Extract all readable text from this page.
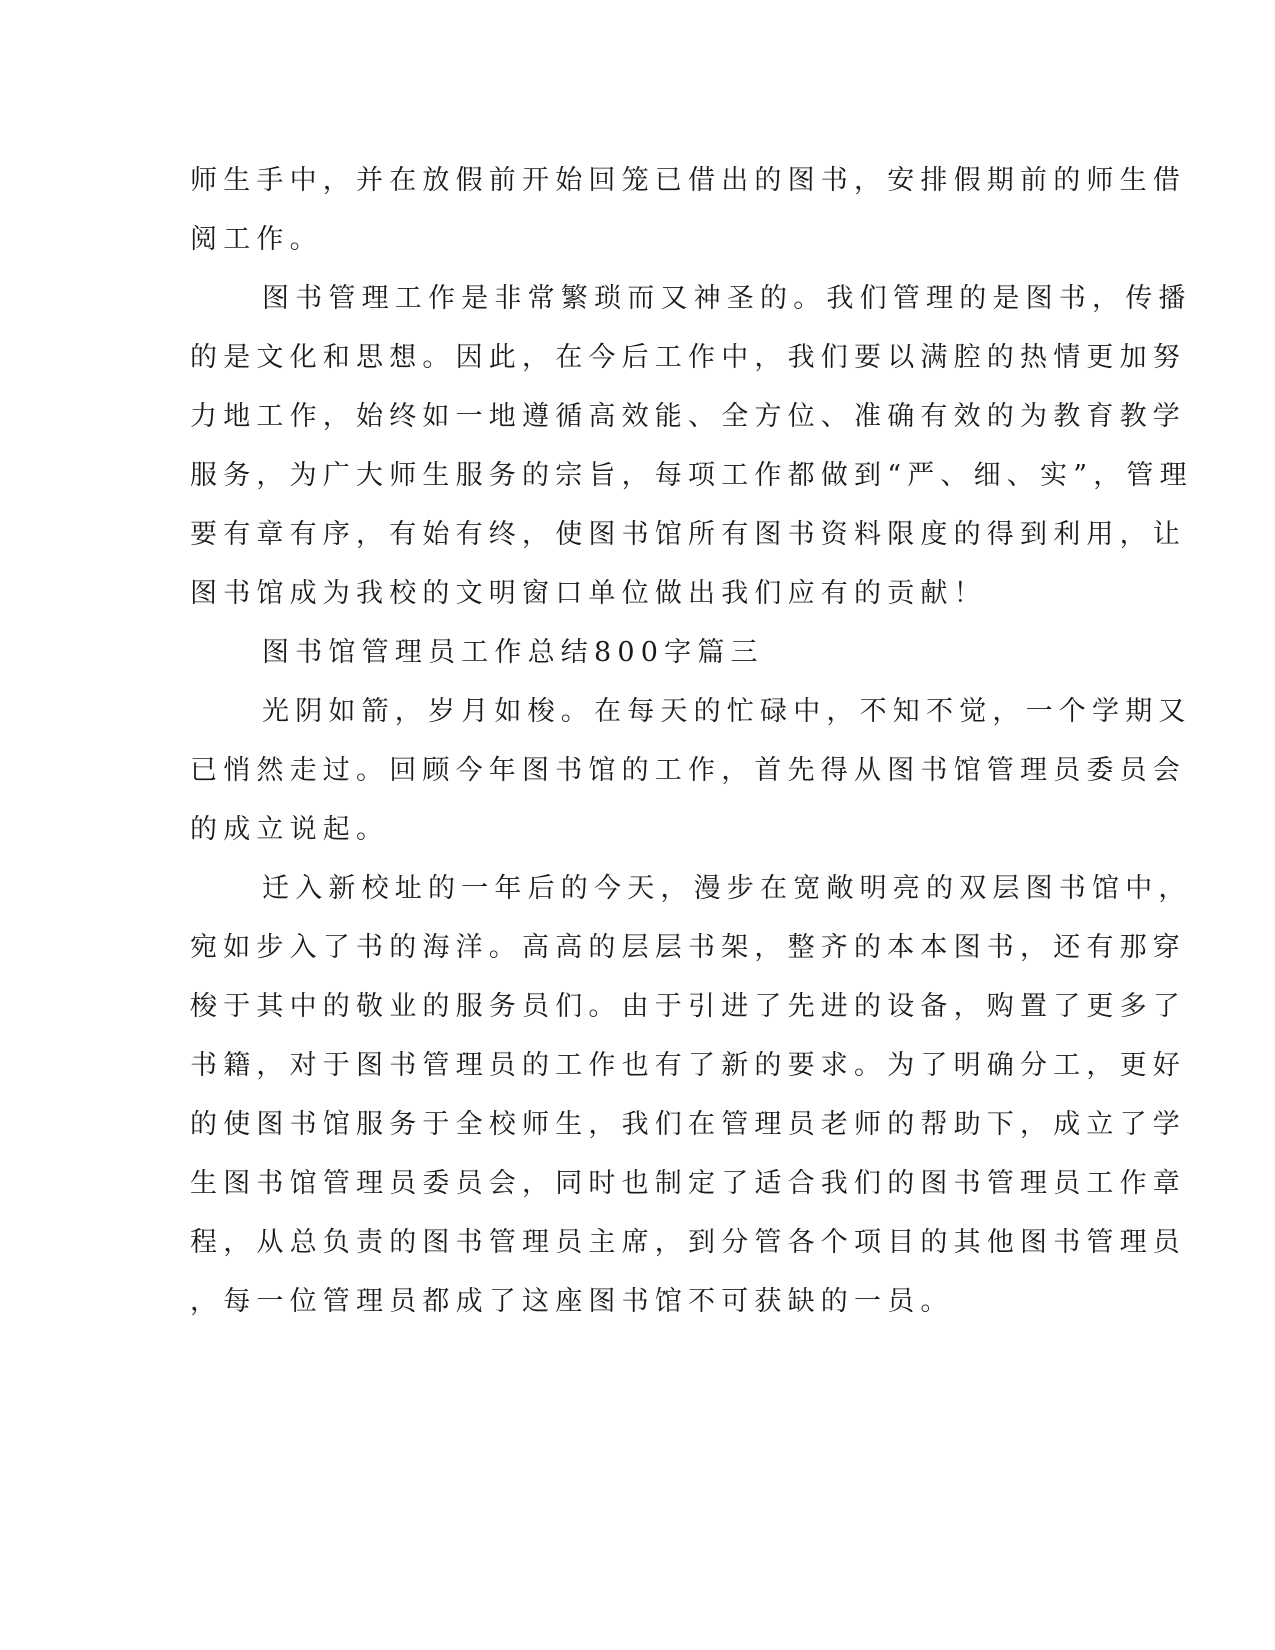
师生手中，并在放假前开始回笼已借出的图书，安排假期前的师生借
阅工作。
图书管理工作是非常繁琐而又神圣的。我们管理的是图书，传播
的是文化和思想。因此，在今后工作中，我们要以满腔的热情更加努
力地工作，始终如一地遵循高效能、全方位、准确有效的为教育教学
服务，为广大师生服务的宗旨，每项工作都做到“严、细、实”，管理
要有章有序，有始有终，使图书馆所有图书资料限度的得到利用，让
图书馆成为我校的文明窗口单位做出我们应有的贡献！
图书馆管理员工作总结800字篇三
光阴如箭，岁月如梭。在每天的忙碌中，不知不觉，一个学期又
已悄然走过。回顾今年图书馆的工作，首先得从图书馆管理员委员会
的成立说起。
迁入新校址的一年后的今天，漫步在宽敞明亮的双层图书馆中，
宛如步入了书的海洋。高高的层层书架，整齐的本本图书，还有那穿
梭于其中的敬业的服务员们。由于引进了先进的设备，购置了更多了
书籍，对于图书管理员的工作也有了新的要求。为了明确分工，更好
的使图书馆服务于全校师生，我们在管理员老师的帮助下，成立了学
生图书馆管理员委员会，同时也制定了适合我们的图书管理员工作章
程，从总负责的图书管理员主席，到分管各个项目的其他图书管理员
，每一位管理员都成了这座图书馆不可获缺的一员。
